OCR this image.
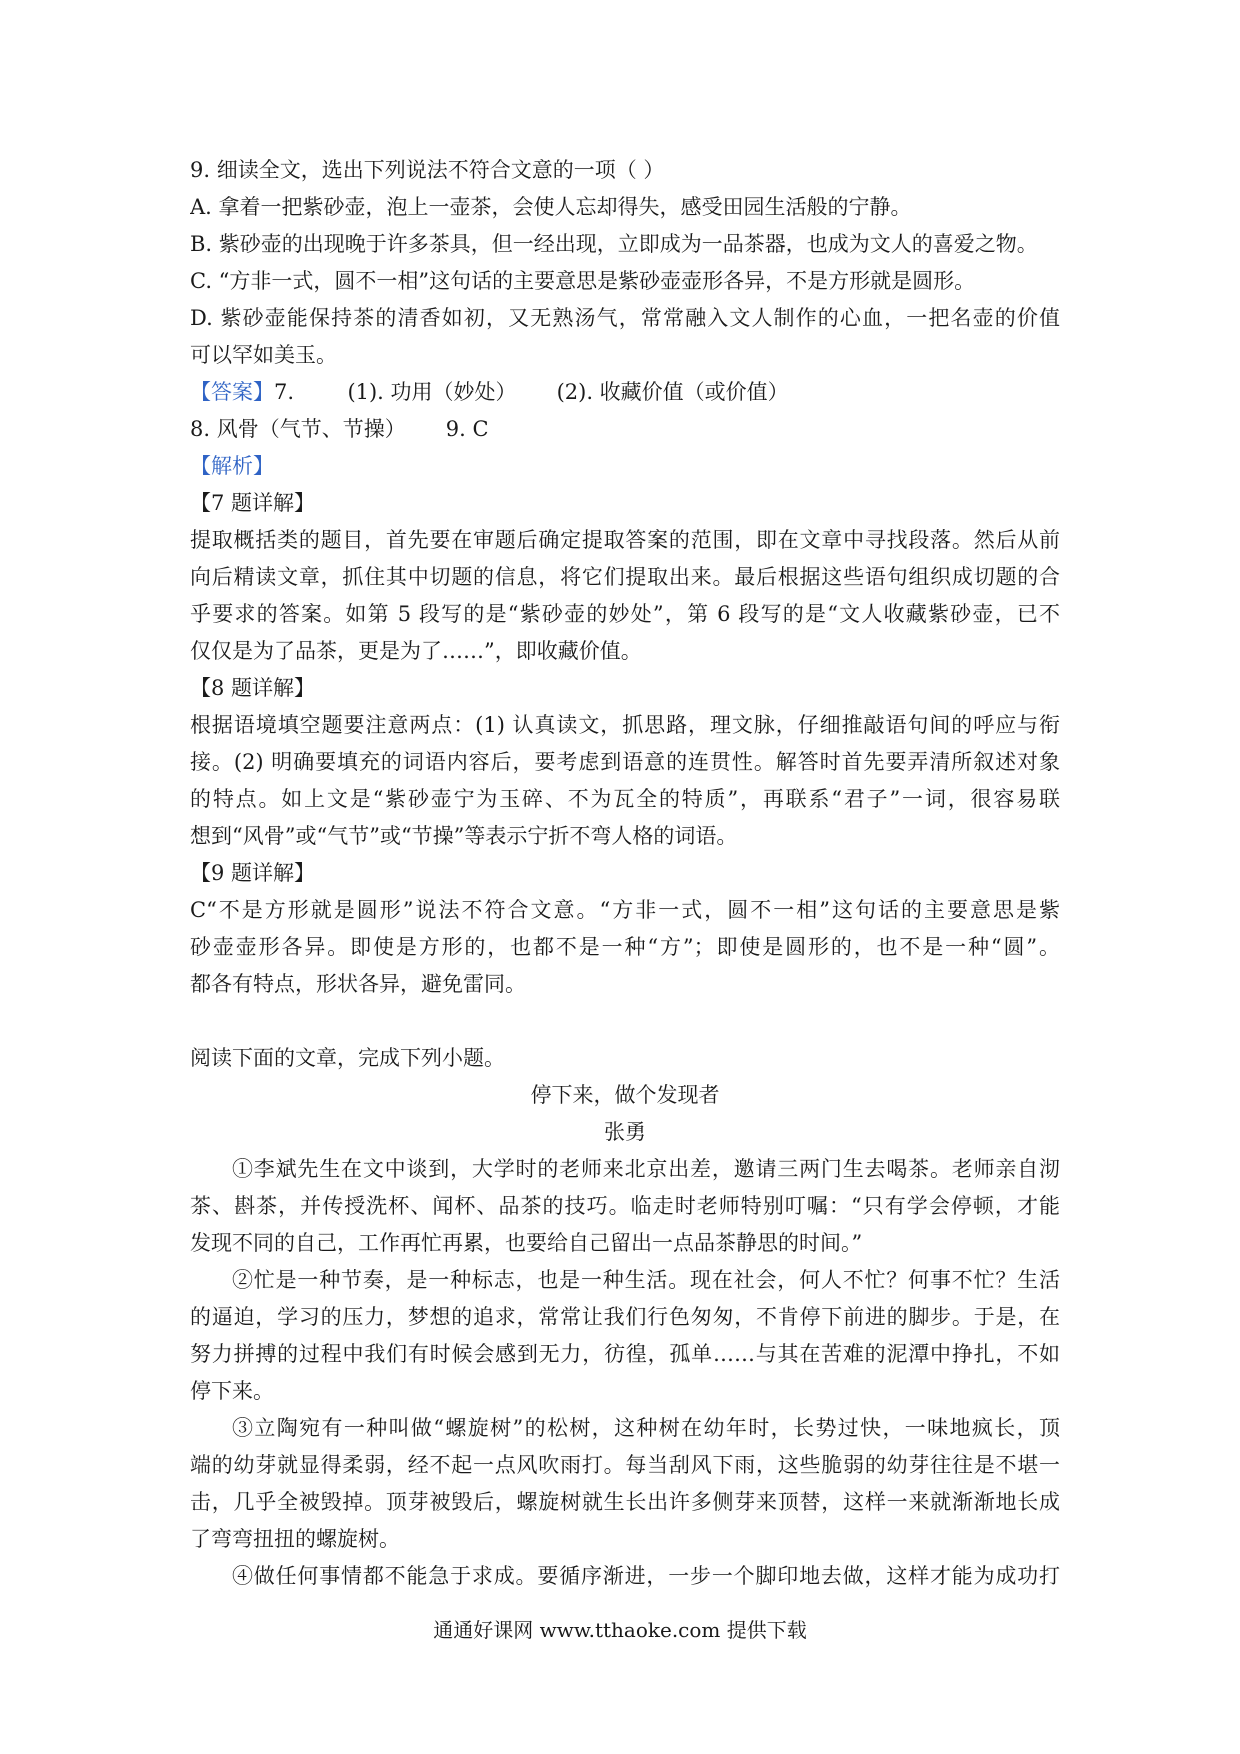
9. 细读全文，选出下列说法不符合文意的一项（ ）
A. 拿着一把紫砂壶，泡上一壶茶，会使人忘却得失，感受田园生活般的宁静。
B. 紫砂壶的出现晚于许多茶具，但一经出现，立即成为一品茶器，也成为文人的喜爱之物。
C. “方非一式，圆不一相”这句话的主要意思是紫砂壶壶形各异，不是方形就是圆形。
D. 紫砂壶能保持茶的清香如初，又无熟汤气，常常融入文人制作的心血，一把名壶的价值
可以罕如美玉。
【答案】7.        (1). 功用（妙处）      (2). 收藏价值（或价值）
8. 风骨（气节、节操）      9. C
【解析】
【7 题详解】
提取概括类的题目，首先要在审题后确定提取答案的范围，即在文章中寻找段落。然后从前
向后精读文章，抓住其中切题的信息，将它们提取出来。最后根据这些语句组织成切题的合
乎要求的答案。如第 5 段写的是“紫砂壶的妙处”，第 6 段写的是“文人收藏紫砂壶，已不
仅仅是为了品茶，更是为了……”，即收藏价值。
【8 题详解】
根据语境填空题要注意两点：(1) 认真读文，抓思路，理文脉，仔细推敲语句间的呼应与衔
接。(2) 明确要填充的词语内容后，要考虑到语意的连贯性。解答时首先要弄清所叙述对象
的特点。如上文是“紫砂壶宁为玉碎、不为瓦全的特质”，再联系“君子”一词，很容易联
想到“风骨”或“气节”或“节操”等表示宁折不弯人格的词语。
【9 题详解】
C“不是方形就是圆形”说法不符合文意。“方非一式，圆不一相”这句话的主要意思是紫
砂壶壶形各异。即使是方形的，也都不是一种“方”；即使是圆形的，也不是一种“圆”。
都各有特点，形状各异，避免雷同。
阅读下面的文章，完成下列小题。
停下来，做个发现者
张勇
①李斌先生在文中谈到，大学时的老师来北京出差，邀请三两门生去喝茶。老师亲自沏
茶、斟茶，并传授洗杯、闻杯、品茶的技巧。临走时老师特别叮嘱：“只有学会停顿，才能
发现不同的自己，工作再忙再累，也要给自己留出一点品茶静思的时间。”
②忙是一种节奏，是一种标志，也是一种生活。现在社会，何人不忙？何事不忙？生活
的逼迫，学习的压力，梦想的追求，常常让我们行色匆匆，不肯停下前进的脚步。于是，在
努力拼搏的过程中我们有时候会感到无力，彷徨，孤单……与其在苦难的泥潭中挣扎，不如
停下来。
③立陶宛有一种叫做“螺旋树”的松树，这种树在幼年时，长势过快，一味地疯长，顶
端的幼芽就显得柔弱，经不起一点风吹雨打。每当刮风下雨，这些脆弱的幼芽往往是不堪一
击，几乎全被毁掉。顶芽被毁后，螺旋树就生长出许多侧芽来顶替，这样一来就渐渐地长成
了弯弯扭扭的螺旋树。
④做任何事情都不能急于求成。要循序渐进，一步一个脚印地去做，这样才能为成功打
通通好课网 www.tthaoke.com 提供下载
